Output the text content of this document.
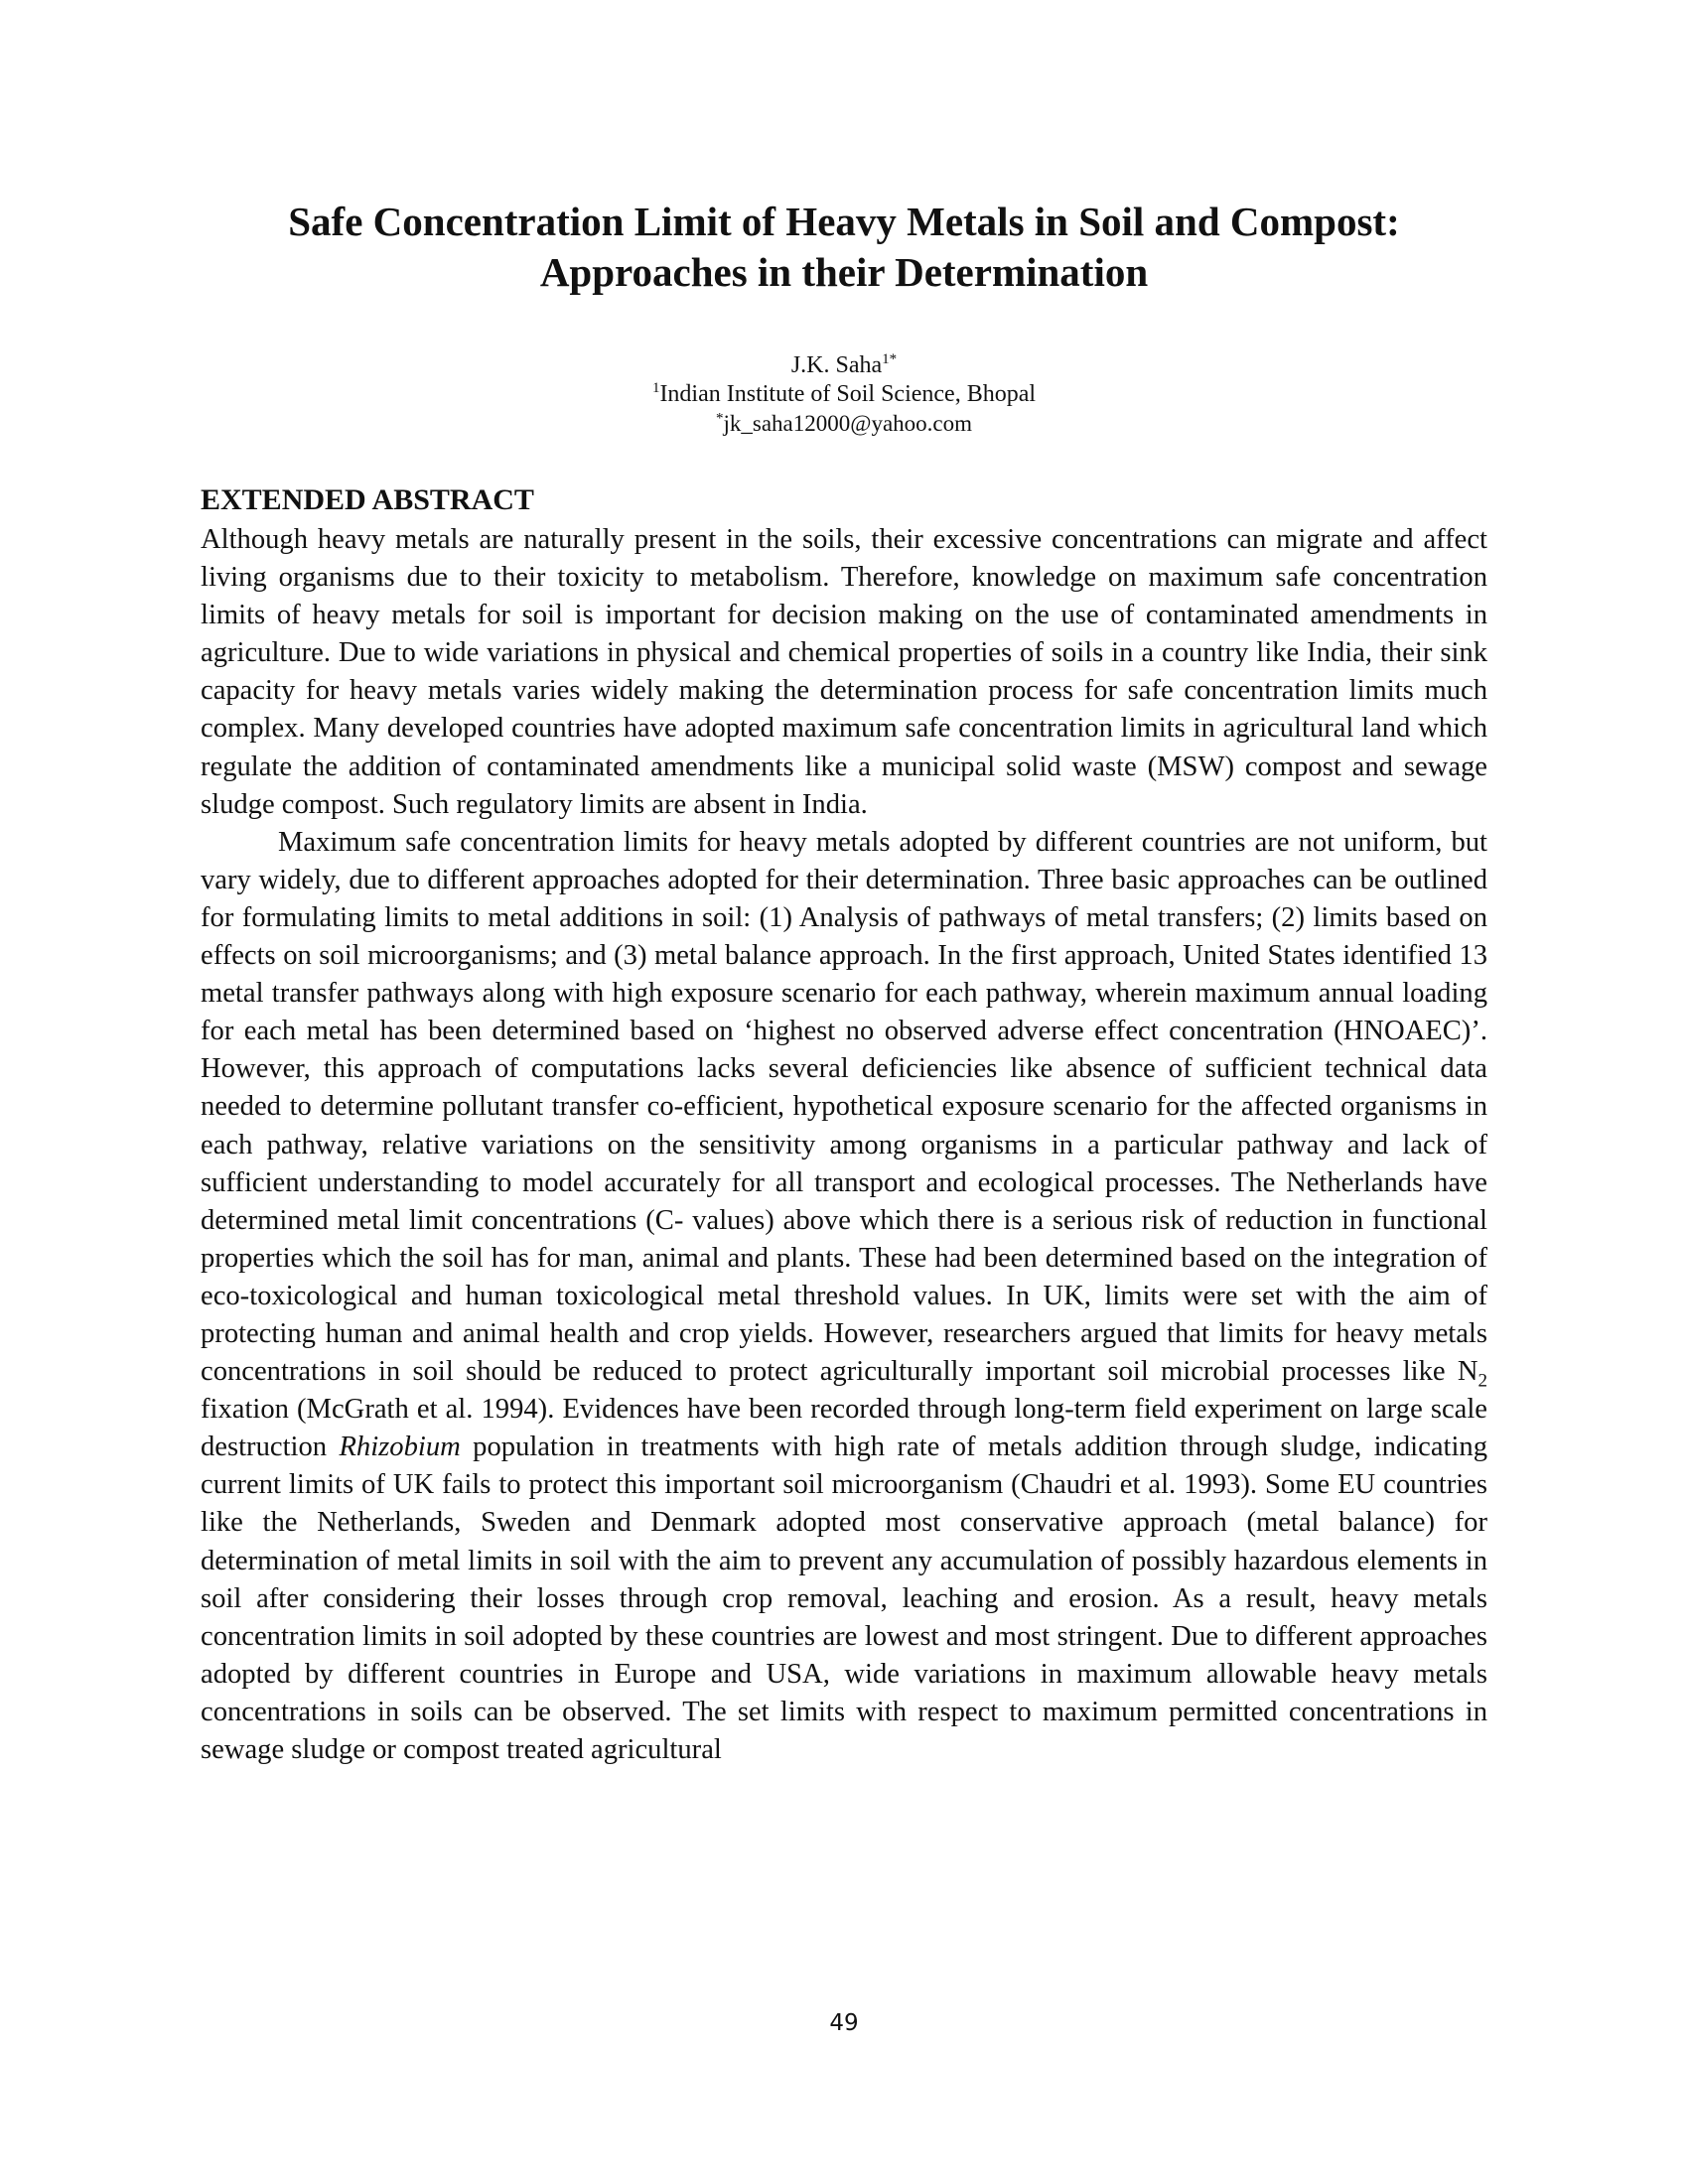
Safe Concentration Limit of Heavy Metals in Soil and Compost:
Approaches in their Determination
J.K. Saha$^{1*}$
$^1$Indian Institute of Soil Science, Bhopal
*jk_saha12000@yahoo.com
EXTENDED ABSTRACT

Although heavy metals are naturally present in the soils, their excessive concentrations can migrate and affect living organisms due to their toxicity to metabolism. Therefore, knowledge on maximum safe concentration limits of heavy metals for soil is important for decision making on the use of contaminated amendments in agriculture. Due to wide variations in physical and chemical properties of soils in a country like India, their sink capacity for heavy metals varies widely making the determination process for safe concentration limits much complex. Many developed countries have adopted maximum safe concentration limits in agricultural land which regulate the addition of contaminated amendments like a municipal solid waste (MSW) compost and sewage sludge compost. Such regulatory limits are absent in India.

Maximum safe concentration limits for heavy metals adopted by different countries are not uniform, but vary widely, due to different approaches adopted for their determination. Three basic approaches can be outlined for formulating limits to metal additions in soil: (1) Analysis of pathways of metal transfers; (2) limits based on effects on soil microorganisms; and (3) metal balance approach. In the first approach, United States identified 13 metal transfer pathways along with high exposure scenario for each pathway, wherein maximum annual loading for each metal has been determined based on ‘highest no observed adverse effect concentration (HNOAEC)’. However, this approach of computations lacks several deficiencies like absence of sufficient technical data needed to determine pollutant transfer co-efficient, hypothetical exposure scenario for the affected organisms in each pathway, relative variations on the sensitivity among organisms in a particular pathway and lack of sufficient understanding to model accurately for all transport and ecological processes. The Netherlands have determined metal limit concentrations (C- values) above which there is a serious risk of reduction in functional properties which the soil has for man, animal and plants. These had been determined based on the integration of eco-toxicological and human toxicological metal threshold values. In UK, limits were set with the aim of protecting human and animal health and crop yields. However, researchers argued that limits for heavy metals concentrations in soil should be reduced to protect agriculturally important soil microbial processes like $N_2$ fixation (McGrath et al. 1994). Evidences have been recorded through long-term field experiment on large scale destruction Rhizobium population in treatments with high rate of metals addition through sludge, indicating current limits of UK fails to protect this important soil microorganism (Chaudri et al. 1993). Some EU countries like the Netherlands, Sweden and Denmark adopted most conservative approach (metal balance) for determination of metal limits in soil with the aim to prevent any accumulation of possibly hazardous elements in soil after considering their losses through crop removal, leaching and erosion. As a result, heavy metals concentration limits in soil adopted by these countries are lowest and most stringent. Due to different approaches adopted by different countries in Europe and USA, wide variations in maximum allowable heavy metals concentrations in soils can be observed. The set limits with respect to maximum permitted concentrations in sewage sludge or compost treated agricultural

49
